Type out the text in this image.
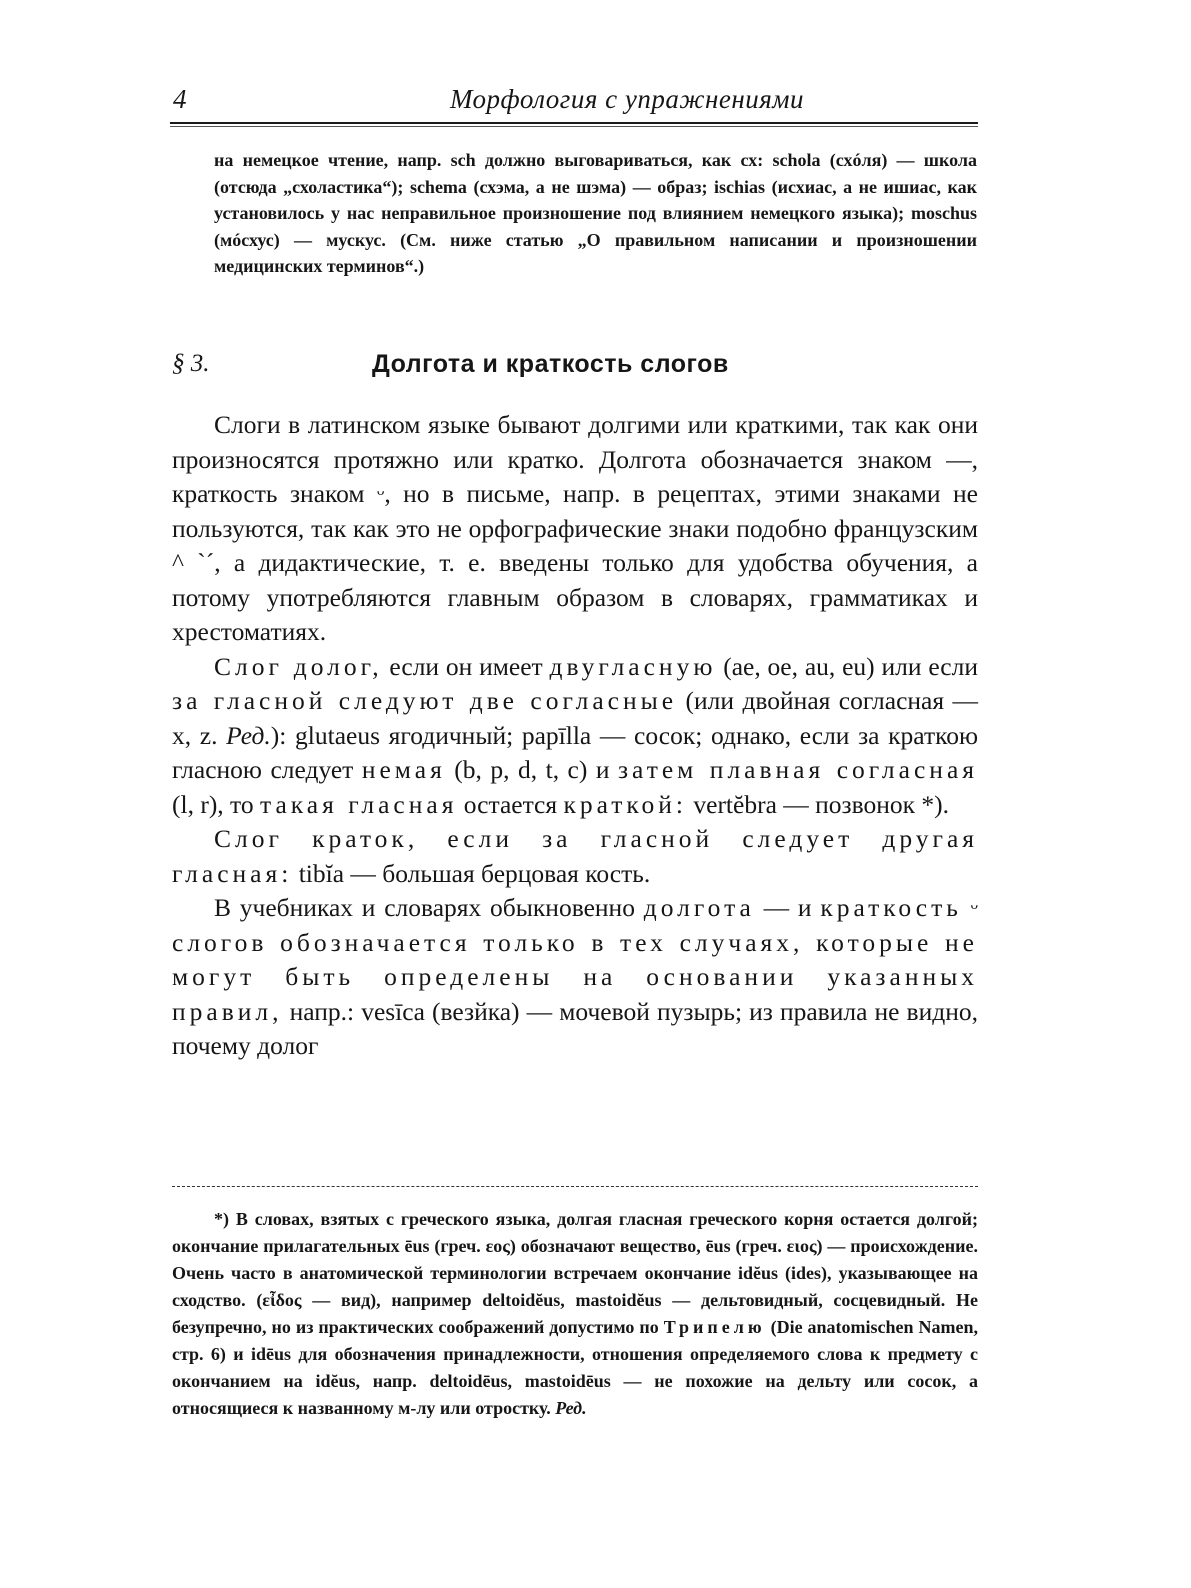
4	Морфология с упражнениями
на немецкое чтение, напр. sch должно выговариваться, как сх: schola (схóля) — школа (отсюда „схоластика“); schema (схэма, а не шэма) — образ; ischias (исхиас, а не ишиас, как установилось у нас неправильное произношение под влиянием немецкого языка); moschus (мóсхус) — мускус. (См. ниже статью „О правильном написании и произношении медицинских терминов“.)
§ 3.	Долгота и краткость слогов

Слоги в латинском языке бывают долгими или краткими, так как они произносятся протяжно или кратко. Долгота обозначается знаком —, краткость знаком ᵕ, но в письме, напр. в рецептах, этими знаками не пользуются, так как это не орфографические знаки подобно французским ^ `´, а дидактические, т. е. введены только для удобства обучения, а потому употребляются главным образом в словарях, грамматиках и хрестоматиях.

Слог долог, если он имеет двугласную (ae, oe, au, eu) или если за гласной следуют две согласные (или двойная согласная — x, z. Ред.): glutaeus ягодичный; papīlla — сосок; однако, если за краткою гласною следует немая (b, p, d, t, c) и затем плавная согласная (l, r), то такая гласная остается краткой: vertĕbra — позвонок *).

Слог краток, если за гласной следует другая гласная: tibĭa — большая берцовая кость.

В учебниках и словарях обыкновенно долгота — и краткость ᵕ слогов обозначается только в тех случаях, которые не могут быть определены на основании указанных правил, напр.: vesīca (везйка) — мочевой пузырь; из правила не видно, почему долог

*) В словах, взятых с греческого языка, долгая гласная греческого корня остается долгой; окончание прилагательных ēus (греч. εος) обозначают вещество, ēus (греч. ειος) — происхождение. Очень часто в анатомической терминологии встречаем окончание idĕus (ides), указывающее на сходство. (εἶδος — вид), например deltoidĕus, mastoidĕus — дельтовидный, сосцевидный. Не безупречно, но из практических соображений допустимо по Трипелю (Die anatomischen Namen, стр. 6) и idēus для обозначения принадлежности, отношения определяемого слова к предмету с окончанием на idĕus, напр. deltoidēus, mastoidēus — не похожие на дельту или сосок, а относящиеся к названному м-лу или отростку. Ред.
